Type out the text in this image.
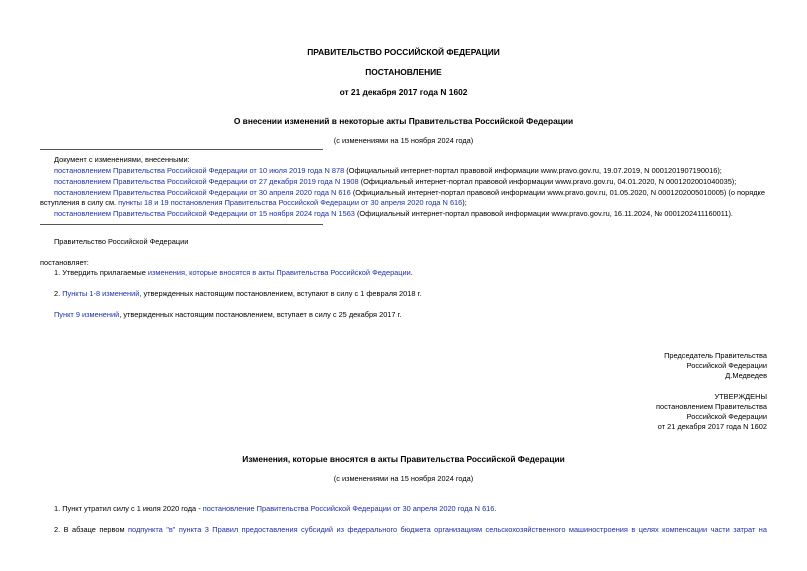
ПРАВИТЕЛЬСТВО РОССИЙСКОЙ ФЕДЕРАЦИИ
ПОСТАНОВЛЕНИЕ
от 21 декабря 2017 года N 1602
О внесении изменений в некоторые акты Правительства Российской Федерации
(с изменениями на 15 ноября 2024 года)
Документ с изменениями, внесенными:
постановлением Правительства Российской Федерации от 10 июля 2019 года N 878 (Официальный интернет-портал правовой информации www.pravo.gov.ru, 19.07.2019, N 0001201907190016);
постановлением Правительства Российской Федерации от 27 декабря 2019 года N 1908 (Официальный интернет-портал правовой информации www.pravo.gov.ru, 04.01.2020, N 0001202001040035);
постановлением Правительства Российской Федерации от 30 апреля 2020 года N 616 (Официальный интернет-портал правовой информации www.pravo.gov.ru, 01.05.2020, N 0001202005010005) (о порядке
вступления в силу см. пункты 18 и 19 постановления Правительства Российской Федерации от 30 апреля 2020 года N 616);
постановлением Правительства Российской Федерации от 15 ноября 2024 года N 1563 (Официальный интернет-портал правовой информации www.pravo.gov.ru, 16.11.2024, № 0001202411160011).
Правительство Российской Федерации
постановляет:
1. Утвердить прилагаемые изменения, которые вносятся в акты Правительства Российской Федерации.
2. Пункты 1-8 изменений, утвержденных настоящим постановлением, вступают в силу с 1 февраля 2018 г.
Пункт 9 изменений, утвержденных настоящим постановлением, вступает в силу с 25 декабря 2017 г.
Председатель Правительства
Российской Федерации
Д.Медведев
УТВЕРЖДЕНЫ
постановлением Правительства
Российской Федерации
от 21 декабря 2017 года N 1602
Изменения, которые вносятся в акты Правительства Российской Федерации
(с изменениями на 15 ноября 2024 года)
1. Пункт утратил силу с 1 июля 2020 года - постановление Правительства Российской Федерации от 30 апреля 2020 года N 616.
2. В абзаце первом подпункта "в" пункта 3 Правил предоставления субсидий из федерального бюджета организациям сельскохозяйственного машиностроения в целях компенсации части затрат на
